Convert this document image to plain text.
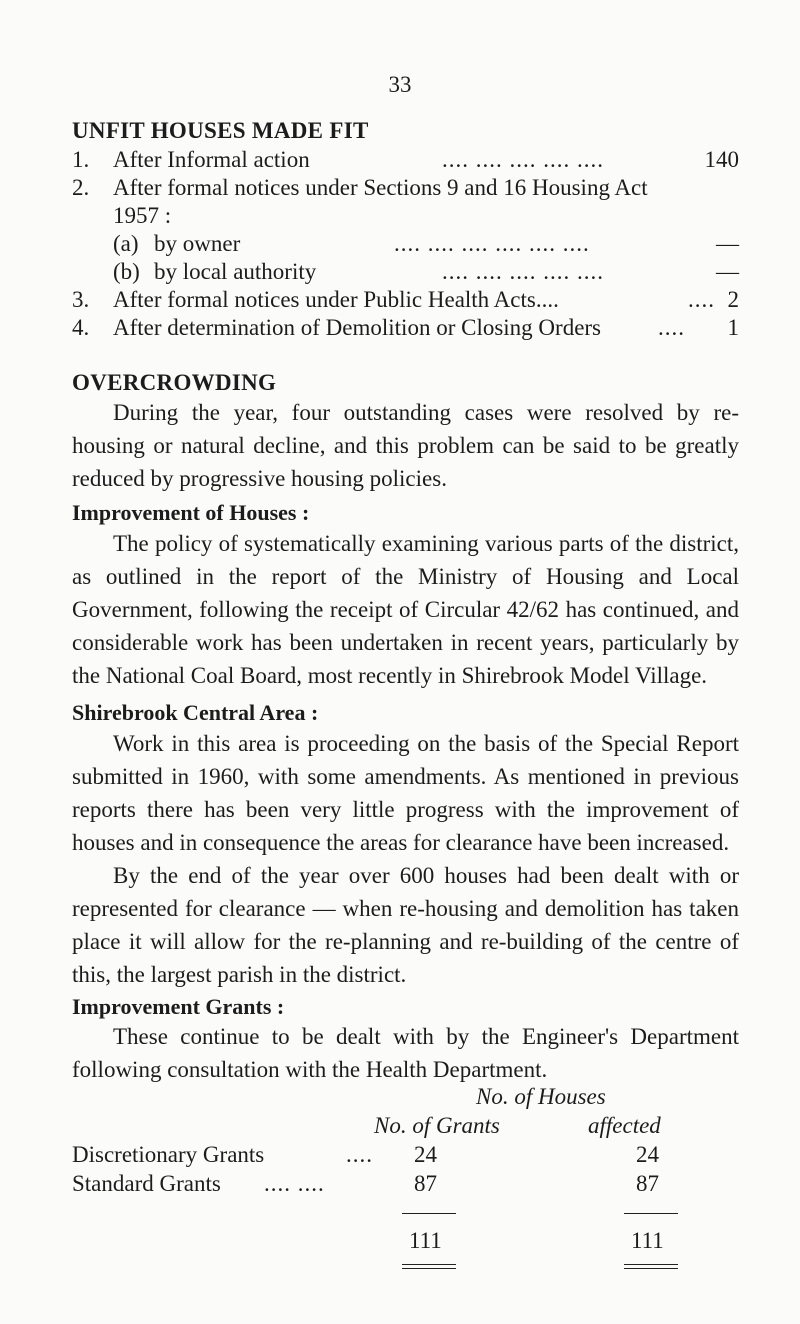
33
UNFIT HOUSES MADE FIT
1. After Informal action	.... .... .... .... ....	140
2. After formal notices under Sections 9 and 16 Housing Act
1957 :
(a) by owner	.... .... .... .... .... ....	—
(b) by local authority	.... .... .... .... ....	—
3. After formal notices under Public Health Acts....	.... 2
4. After determination of Demolition or Closing Orders .... 1
OVERCROWDING

During the year, four outstanding cases were resolved by re-housing or natural decline, and this problem can be said to be greatly reduced by progressive housing policies.

Improvement of Houses :

The policy of systematically examining various parts of the district, as outlined in the report of the Ministry of Housing and Local Government, following the receipt of Circular 42/62 has continued, and considerable work has been undertaken in recent years, particularly by the National Coal Board, most recently in Shirebrook Model Village.

Shirebrook Central Area :

Work in this area is proceeding on the basis of the Special Report submitted in 1960, with some amendments. As mentioned in previous reports there has been very little progress with the improvement of houses and in consequence the areas for clearance have been increased.

By the end of the year over 600 houses had been dealt with or represented for clearance — when re-housing and demolition has taken place it will allow for the re-planning and re-building of the centre of this, the largest parish in the district.

Improvement Grants :

These continue to be dealt with by the Engineer's Department following consultation with the Health Department.

No. of Houses
No. of Grants	affected
Discretionary Grants	.... 24	24
Standard Grants .... ....	87	87
111	111
